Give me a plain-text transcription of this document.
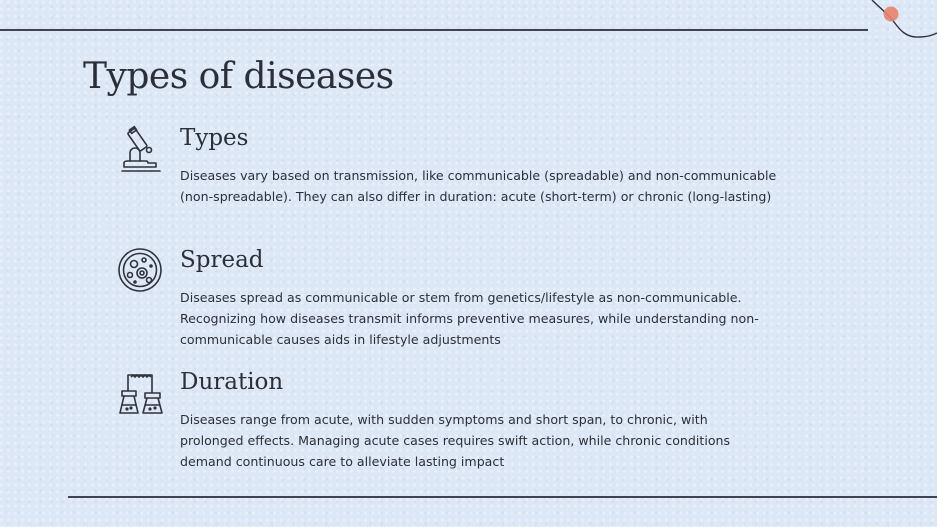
Types of diseases
Types

Diseases vary based on transmission, like communicable (spreadable) and non-communicable (non-spreadable). They can also differ in duration: acute (short-term) or chronic (long-lasting)

Spread

Diseases spread as communicable or stem from genetics/lifestyle as non-communicable. Recognizing how diseases transmit informs preventive measures, while understanding non-communicable causes aids in lifestyle adjustments

Duration

Diseases range from acute, with sudden symptoms and short span, to chronic, with prolonged effects. Managing acute cases requires swift action, while chronic conditions demand continuous care to alleviate lasting impact
